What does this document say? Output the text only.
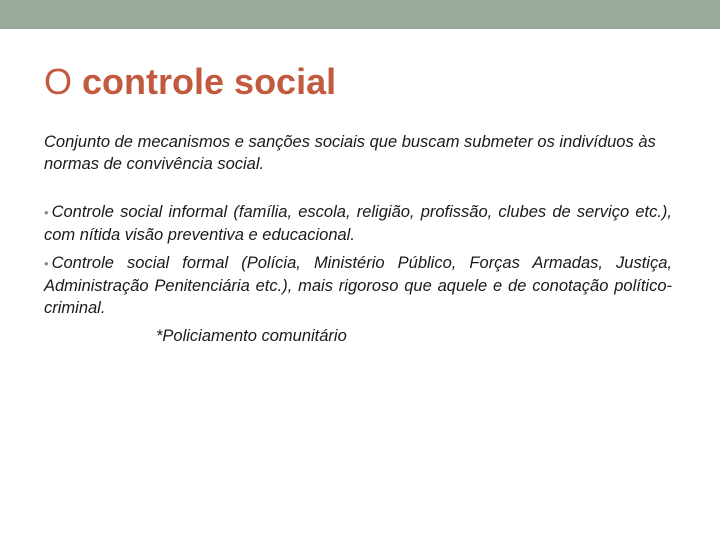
O controle social

Conjunto de mecanismos e sanções sociais que buscam submeter os indivíduos às normas de convivência social.

• Controle social informal (família, escola, religião, profissão, clubes de serviço etc.), com nítida visão preventiva e educacional.

• Controle social formal (Polícia, Ministério Público, Forças Armadas, Justiça, Administração Penitenciária etc.), mais rigoroso que aquele e de conotação político-criminal.

*Policiamento comunitário
